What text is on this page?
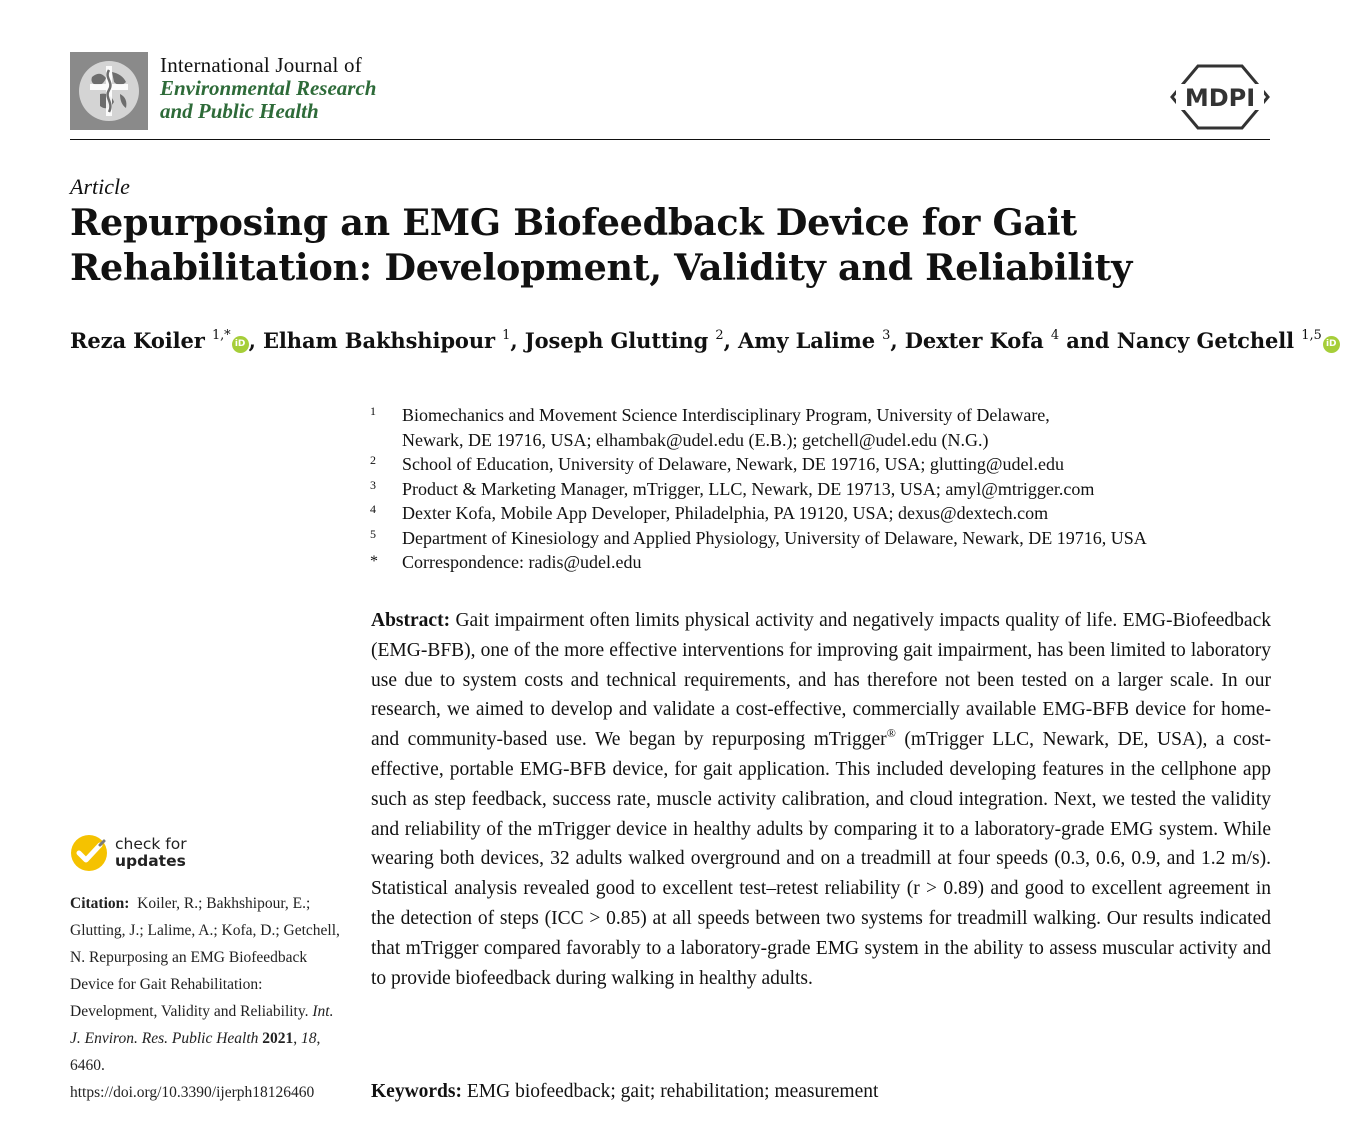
International Journal of
Environmental Research
and Public Health	MDPI
Article
Repurposing an EMG Biofeedback Device for Gait Rehabilitation: Development, Validity and Reliability
Reza Koiler $^{1,*}$iD , Elham Bakhshipour $^1$, Joseph Glutting $^2$, Amy Lalime $^3$, Dexter Kofa $^4$ and Nancy Getchell $^{1,5}$iD
1 Biomechanics and Movement Science Interdisciplinary Program, University of Delaware,
Newark, DE 19716, USA; elhambak@udel.edu (E.B.); getchell@udel.edu (N.G.)
2 School of Education, University of Delaware, Newark, DE 19716, USA; glutting@udel.edu
3 Product & Marketing Manager, mTrigger, LLC, Newark, DE 19713, USA; amyl@mtrigger.com
4 Dexter Kofa, Mobile App Developer, Philadelphia, PA 19120, USA; dexus@dextech.com
5 Department of Kinesiology and Applied Physiology, University of Delaware, Newark, DE 19716, USA
* Correspondence: radis@udel.edu
Abstract: Gait impairment often limits physical activity and negatively impacts quality of life. EMG-Biofeedback (EMG-BFB), one of the more effective interventions for improving gait impairment, has been limited to laboratory use due to system costs and technical requirements, and has therefore not been tested on a larger scale. In our research, we aimed to develop and validate a cost-effective, commercially available EMG-BFB device for home- and community-based use. We began by repurposing mTrigger® (mTrigger LLC, Newark, DE, USA), a cost-effective, portable EMG-BFB device, for gait application. This included developing features in the cellphone app such as step feedback, success rate, muscle activity calibration, and cloud integration. Next, we tested the validity and reliability of the mTrigger device in healthy adults by comparing it to a laboratory-grade EMG system. While wearing both devices, 32 adults walked overground and on a treadmill at four speeds (0.3, 0.6, 0.9, and 1.2 m/s). Statistical analysis revealed good to excellent test–retest reliability (r > 0.89) and good to excellent agreement in the detection of steps (ICC > 0.85) at all speeds between two systems for treadmill walking. Our results indicated that mTrigger compared favorably to a laboratory-grade EMG system in the ability to assess muscular activity and to provide biofeedback during walking in healthy adults.
Keywords: EMG biofeedback; gait; rehabilitation; measurement
check for
updates
Citation: Koiler, R.; Bakhshipour, E.; Glutting, J.; Lalime, A.; Kofa, D.; Getchell, N. Repurposing an EMG Biofeedback Device for Gait Rehabilitation: Development, Validity and Reliability. Int. J. Environ. Res. Public Health 2021, 18, 6460. https://doi.org/10.3390/ijerph18126460
